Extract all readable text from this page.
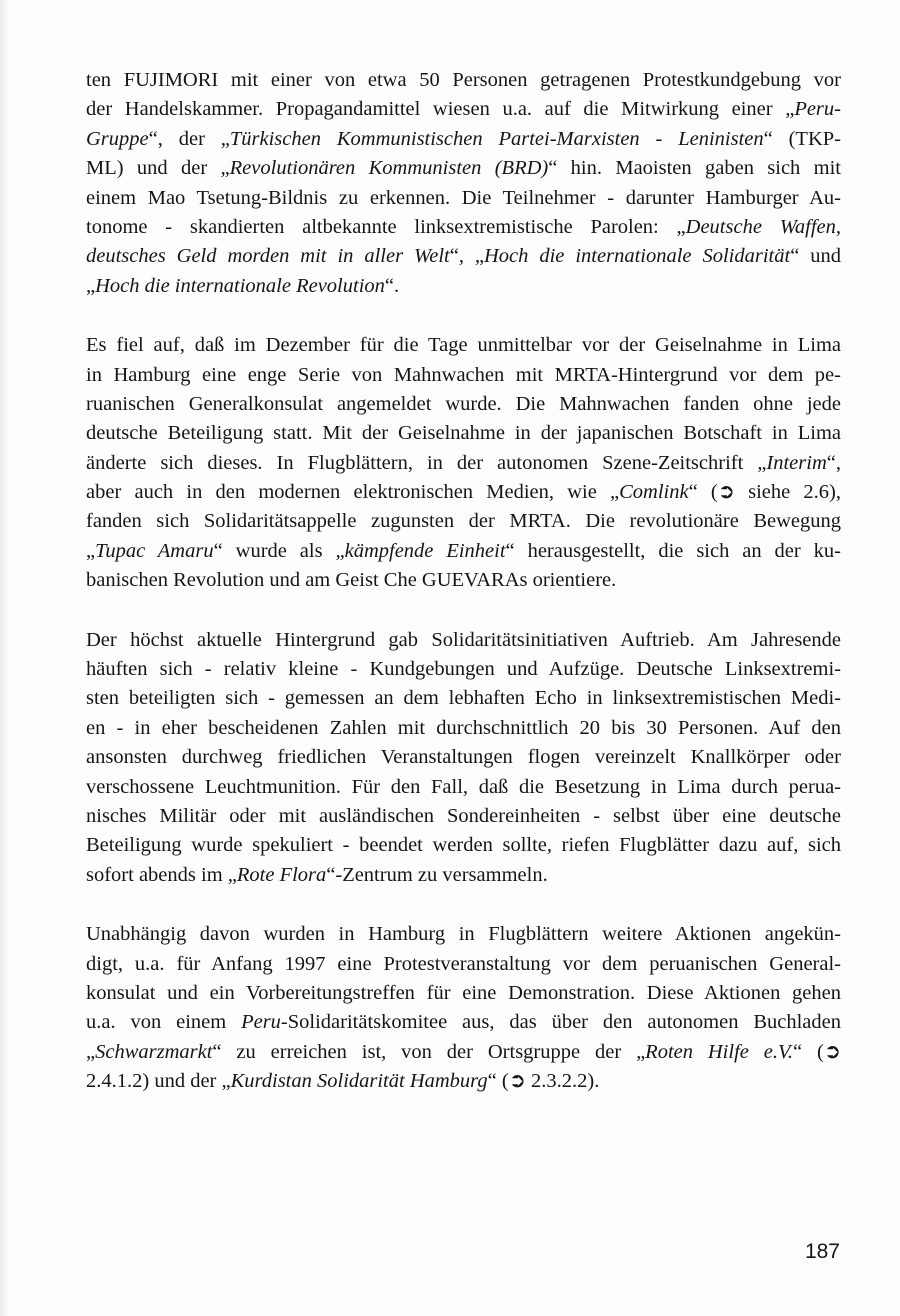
ten FUJIMORI mit einer von etwa 50 Personen getragenen Protestkundgebung vor
der Handelskammer. Propagandamittel wiesen u.a. auf die Mitwirkung einer „Peru-
Gruppe“, der „Türkischen Kommunistischen Partei-Marxisten - Leninisten“ (TKP-
ML) und der „Revolutionären Kommunisten (BRD)“ hin. Maoisten gaben sich mit
einem Mao Tsetung-Bildnis zu erkennen. Die Teilnehmer - darunter Hamburger Au-
tonome - skandierten altbekannte linksextremistische Parolen: „Deutsche Waffen,
deutsches Geld morden mit in aller Welt“, „Hoch die internationale Solidarität“ und
„Hoch die internationale Revolution“.
Es fiel auf, daß im Dezember für die Tage unmittelbar vor der Geiselnahme in Lima
in Hamburg eine enge Serie von Mahnwachen mit MRTA-Hintergrund vor dem pe-
ruanischen Generalkonsulat angemeldet wurde. Die Mahnwachen fanden ohne jede
deutsche Beteiligung statt. Mit der Geiselnahme in der japanischen Botschaft in Lima
änderte sich dieses. In Flugblättern, in der autonomen Szene-Zeitschrift „Interim“,
aber auch in den modernen elektronischen Medien, wie „Comlink“ (➲ siehe 2.6),
fanden sich Solidaritätsappelle zugunsten der MRTA. Die revolutionäre Bewegung
„Tupac Amaru“ wurde als „kämpfende Einheit“ herausgestellt, die sich an der ku-
banischen Revolution und am Geist Che GUEVARAs orientiere.
Der höchst aktuelle Hintergrund gab Solidaritätsinitiativen Auftrieb. Am Jahresende
häuften sich - relativ kleine - Kundgebungen und Aufzüge. Deutsche Linksextremi-
sten beteiligten sich - gemessen an dem lebhaften Echo in linksextremistischen Medi-
en - in eher bescheidenen Zahlen mit durchschnittlich 20 bis 30 Personen. Auf den
ansonsten durchweg friedlichen Veranstaltungen flogen vereinzelt Knallkörper oder
verschossene Leuchtmunition. Für den Fall, daß die Besetzung in Lima durch perua-
nisches Militär oder mit ausländischen Sondereinheiten - selbst über eine deutsche
Beteiligung wurde spekuliert - beendet werden sollte, riefen Flugblätter dazu auf, sich
sofort abends im „Rote Flora“-Zentrum zu versammeln.
Unabhängig davon wurden in Hamburg in Flugblättern weitere Aktionen angekün-
digt, u.a. für Anfang 1997 eine Protestveranstaltung vor dem peruanischen General-
konsulat und ein Vorbereitungstreffen für eine Demonstration. Diese Aktionen gehen
u.a. von einem Peru-Solidaritätskomitee aus, das über den autonomen Buchladen
„Schwarzmarkt“ zu erreichen ist, von der Ortsgruppe der „Roten Hilfe e.V.“ (➲
2.4.1.2) und der „Kurdistan Solidarität Hamburg“ (➲ 2.3.2.2).
187
